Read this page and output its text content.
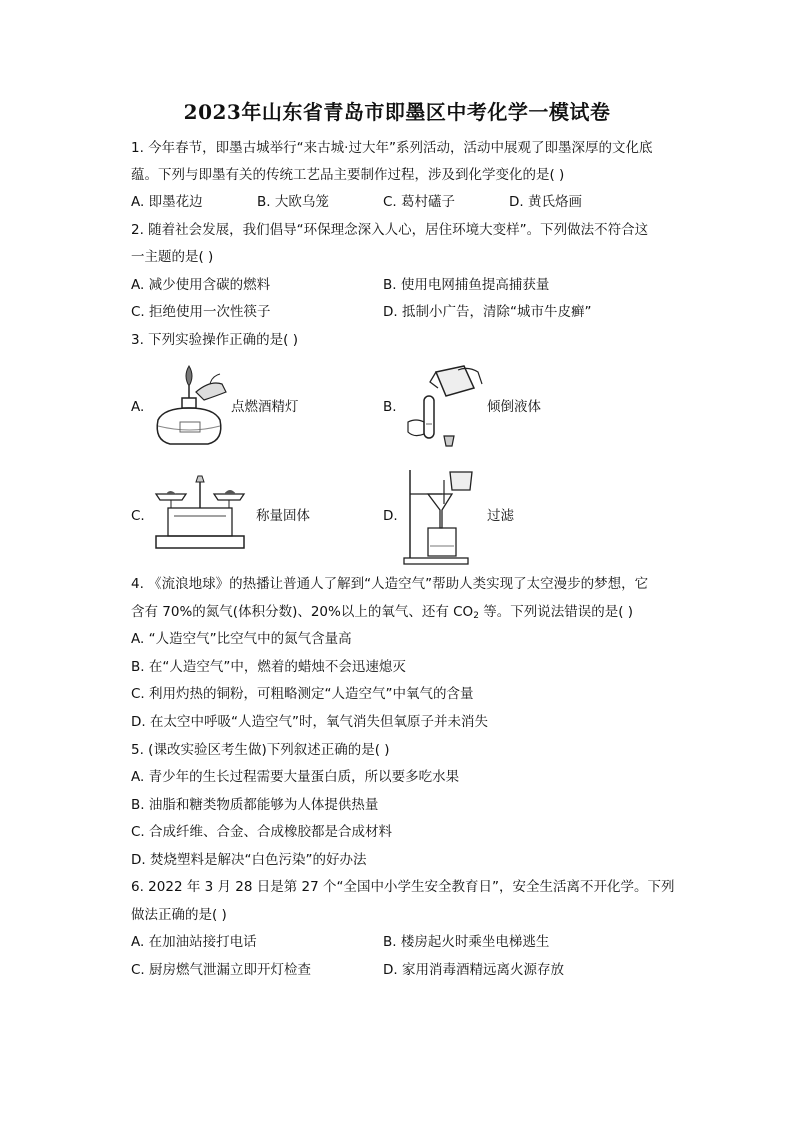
2023年山东省青岛市即墨区中考化学一模试卷
1. 今年春节，即墨古城举行“来古城·过大年”系列活动，活动中展观了即墨深厚的文化底
蕴。下列与即墨有关的传统工艺品主要制作过程，涉及到化学变化的是( )
A. 即墨花边	B. 大欧乌笼	C. 葛村礚子	D. 黄氏烙画
2. 随着社会发展，我们倡导“环保理念深入人心，居住环境大变样”。下列做法不符合这
一主题的是( )
A. 减少使用含碳的燃料	B. 使用电网捕鱼提高捕获量
C. 拒绝使用一次性筷子	D. 抵制小广告，清除“城市牛皮癣”
3. 下列实验操作正确的是( )
A.	点燃酒精灯	B.	倾倒液体
C.	称量固体	D.	过滤
4. 《流浪地球》的热播让普通人了解到“人造空气”帮助人类实现了太空漫步的梦想，它
含有 70%的氮气(体积分数)、20%以上的氧气、还有 $CO_2$ 等。下列说法错误的是( )
A. “人造空气”比空气中的氮气含量高
B. 在“人造空气”中，燃着的蜡烛不会迅速熄灭
C. 利用灼热的铜粉，可粗略测定“人造空气”中氧气的含量
D. 在太空中呼吸“人造空气”时，氧气消失但氧原子并未消失
5. (课改实验区考生做)下列叙述正确的是( )
A. 青少年的生长过程需要大量蛋白质，所以要多吃水果
B. 油脂和糖类物质都能够为人体提供热量
C. 合成纤维、合金、合成橡胶都是合成材料
D. 焚烧塑料是解决“白色污染”的好办法
6. 2022 年 3 月 28 日是第 27 个“全国中小学生安全教育日”，安全生活离不开化学。下列
做法正确的是( )
A. 在加油站接打电话	B. 楼房起火时乘坐电梯逃生
C. 厨房燃气泄漏立即开灯检查	D. 家用消毒酒精远离火源存放
